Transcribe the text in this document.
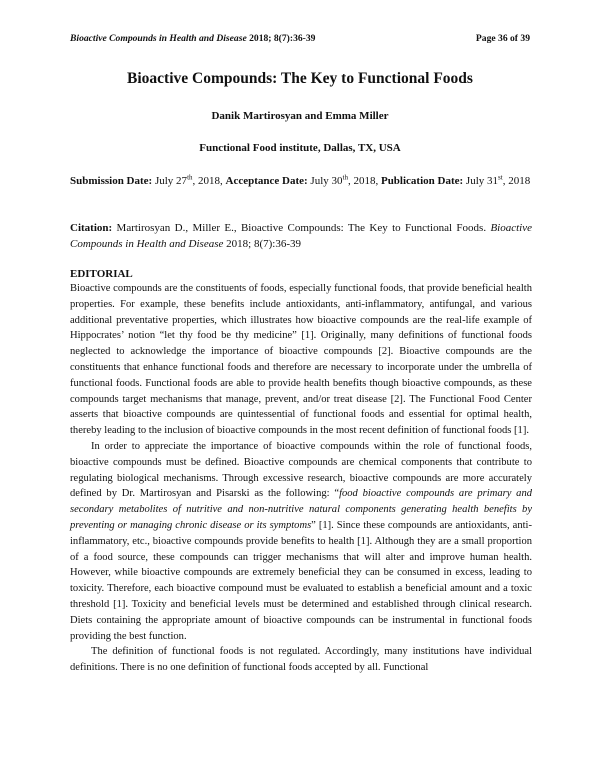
Bioactive Compounds in Health and Disease 2018; 8(7):36-39	Page 36 of 39
Bioactive Compounds: The Key to Functional Foods
Danik Martirosyan and Emma Miller
Functional Food institute, Dallas, TX, USA
Submission Date: July 27th, 2018, Acceptance Date: July 30th, 2018, Publication Date: July 31st, 2018
Citation: Martirosyan D., Miller E., Bioactive Compounds: The Key to Functional Foods. Bioactive Compounds in Health and Disease 2018; 8(7):36-39
EDITORIAL

Bioactive compounds are the constituents of foods, especially functional foods, that provide beneficial health properties. For example, these benefits include antioxidants, anti-inflammatory, antifungal, and various additional preventative properties, which illustrates how bioactive compounds are the real-life example of Hippocrates’ notion “let thy food be thy medicine” [1]. Originally, many definitions of functional foods neglected to acknowledge the importance of bioactive compounds [2]. Bioactive compounds are the constituents that enhance functional foods and therefore are necessary to incorporate under the umbrella of functional foods. Functional foods are able to provide health benefits though bioactive compounds, as these compounds target mechanisms that manage, prevent, and/or treat disease [2]. The Functional Food Center asserts that bioactive compounds are quintessential of functional foods and essential for optimal health, thereby leading to the inclusion of bioactive compounds in the most recent definition of functional foods [1].

In order to appreciate the importance of bioactive compounds within the role of functional foods, bioactive compounds must be defined. Bioactive compounds are chemical components that contribute to regulating biological mechanisms. Through excessive research, bioactive compounds are more accurately defined by Dr. Martirosyan and Pisarski as the following: “food bioactive compounds are primary and secondary metabolites of nutritive and non-nutritive natural components generating health benefits by preventing or managing chronic disease or its symptoms” [1]. Since these compounds are antioxidants, anti-inflammatory, etc., bioactive compounds provide benefits to health [1]. Although they are a small proportion of a food source, these compounds can trigger mechanisms that will alter and improve human health. However, while bioactive compounds are extremely beneficial they can be consumed in excess, leading to toxicity. Therefore, each bioactive compound must be evaluated to establish a beneficial amount and a toxic threshold [1]. Toxicity and beneficial levels must be determined and established through clinical research. Diets containing the appropriate amount of bioactive compounds can be instrumental in functional foods providing the best function.

The definition of functional foods is not regulated. Accordingly, many institutions have individual definitions. There is no one definition of functional foods accepted by all. Functional
